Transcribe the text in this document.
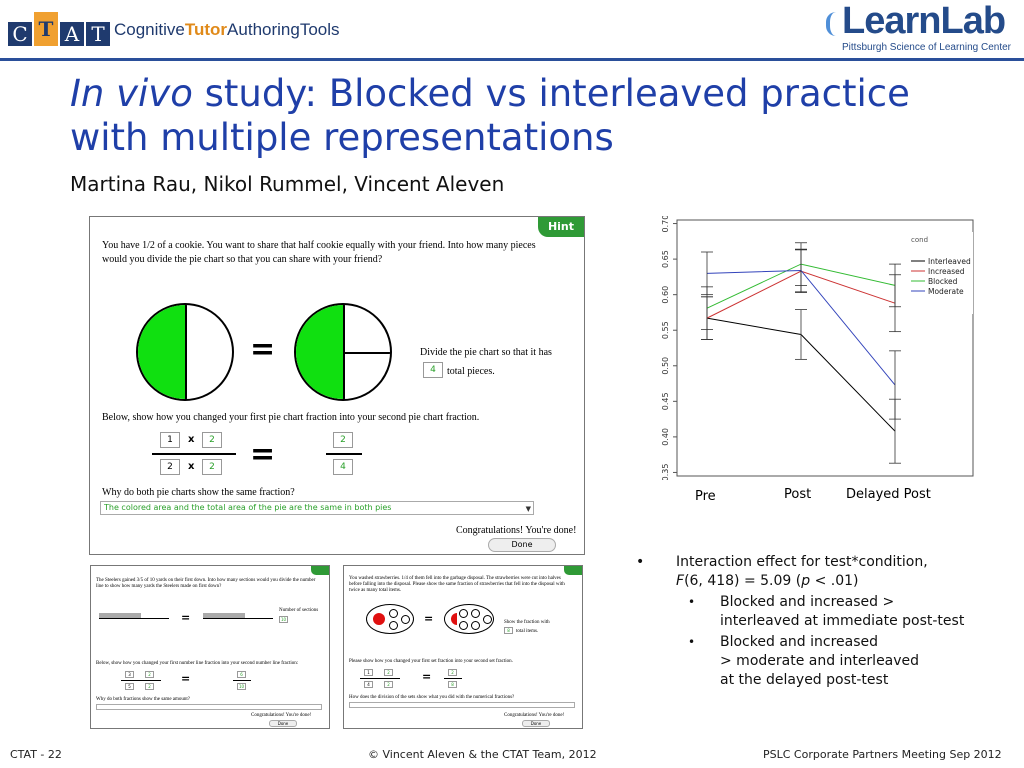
C T A T CognitiveTutorAuthoringTools	LearnLab
Pittsburgh Science of Learning Center
In vivo study: Blocked vs interleaved practice
with multiple representations
Martina Rau, Nikol Rummel, Vincent Aleven
Hint
You have 1/2 of a cookie. You want to share that half cookie equally with your friend. Into how many pieces would you divide the pie chart so that you can share with your friend?
=	Divide the pie chart so that it has
4	total pieces.
Below, show how you changed your first pie chart fraction into your second pie chart fraction.
1	x	2
2	x	2 =	2
4
Why do both pie charts show the same fraction?
The colored area and the total area of the pie are the same in both pies	▼
Congratulations! You're done!
Done
The Steelers gained 3/5 of 10 yards on their first down. Into how many sections would you divide the number line to show how many yards the Steelers made on first down?
=
Number of sections
10
Below, show how you changed your first number line fraction into your second number line fraction:
3	2
5	2
=	6
10
Why do both fractions show the same amount?
Congratulations! You're done!
Done
You washed strawberries. 1/4 of them fell into the garbage disposal. The strawberries were cut into halves before falling into the disposal. Please show the same fraction of strawberries that fell into the disposal with twice as many total items.
=	Show the fraction with
8	total items.
Please show how you changed your first set fraction into your second set fraction.
1	2
4	2
=	2
8
How does the division of the sets show what you did with the numerical fractions?
Congratulations! You're done!
Done
0.35
0.40
0.45
0.50
0.55
0.60
0.65
0.70
cond
Interleaved
Increased
Blocked
Moderate
Pre	Post	Delayed Post
• Interaction effect for test*condition,
F(6, 418) = 5.09 (p < .01)
• Blocked and increased >
interleaved at immediate post-test
• Blocked and increased
> moderate and interleaved
at the delayed post-test
CTAT - 22	© Vincent Aleven & the CTAT Team, 2012	PSLC Corporate Partners Meeting Sep 2012
